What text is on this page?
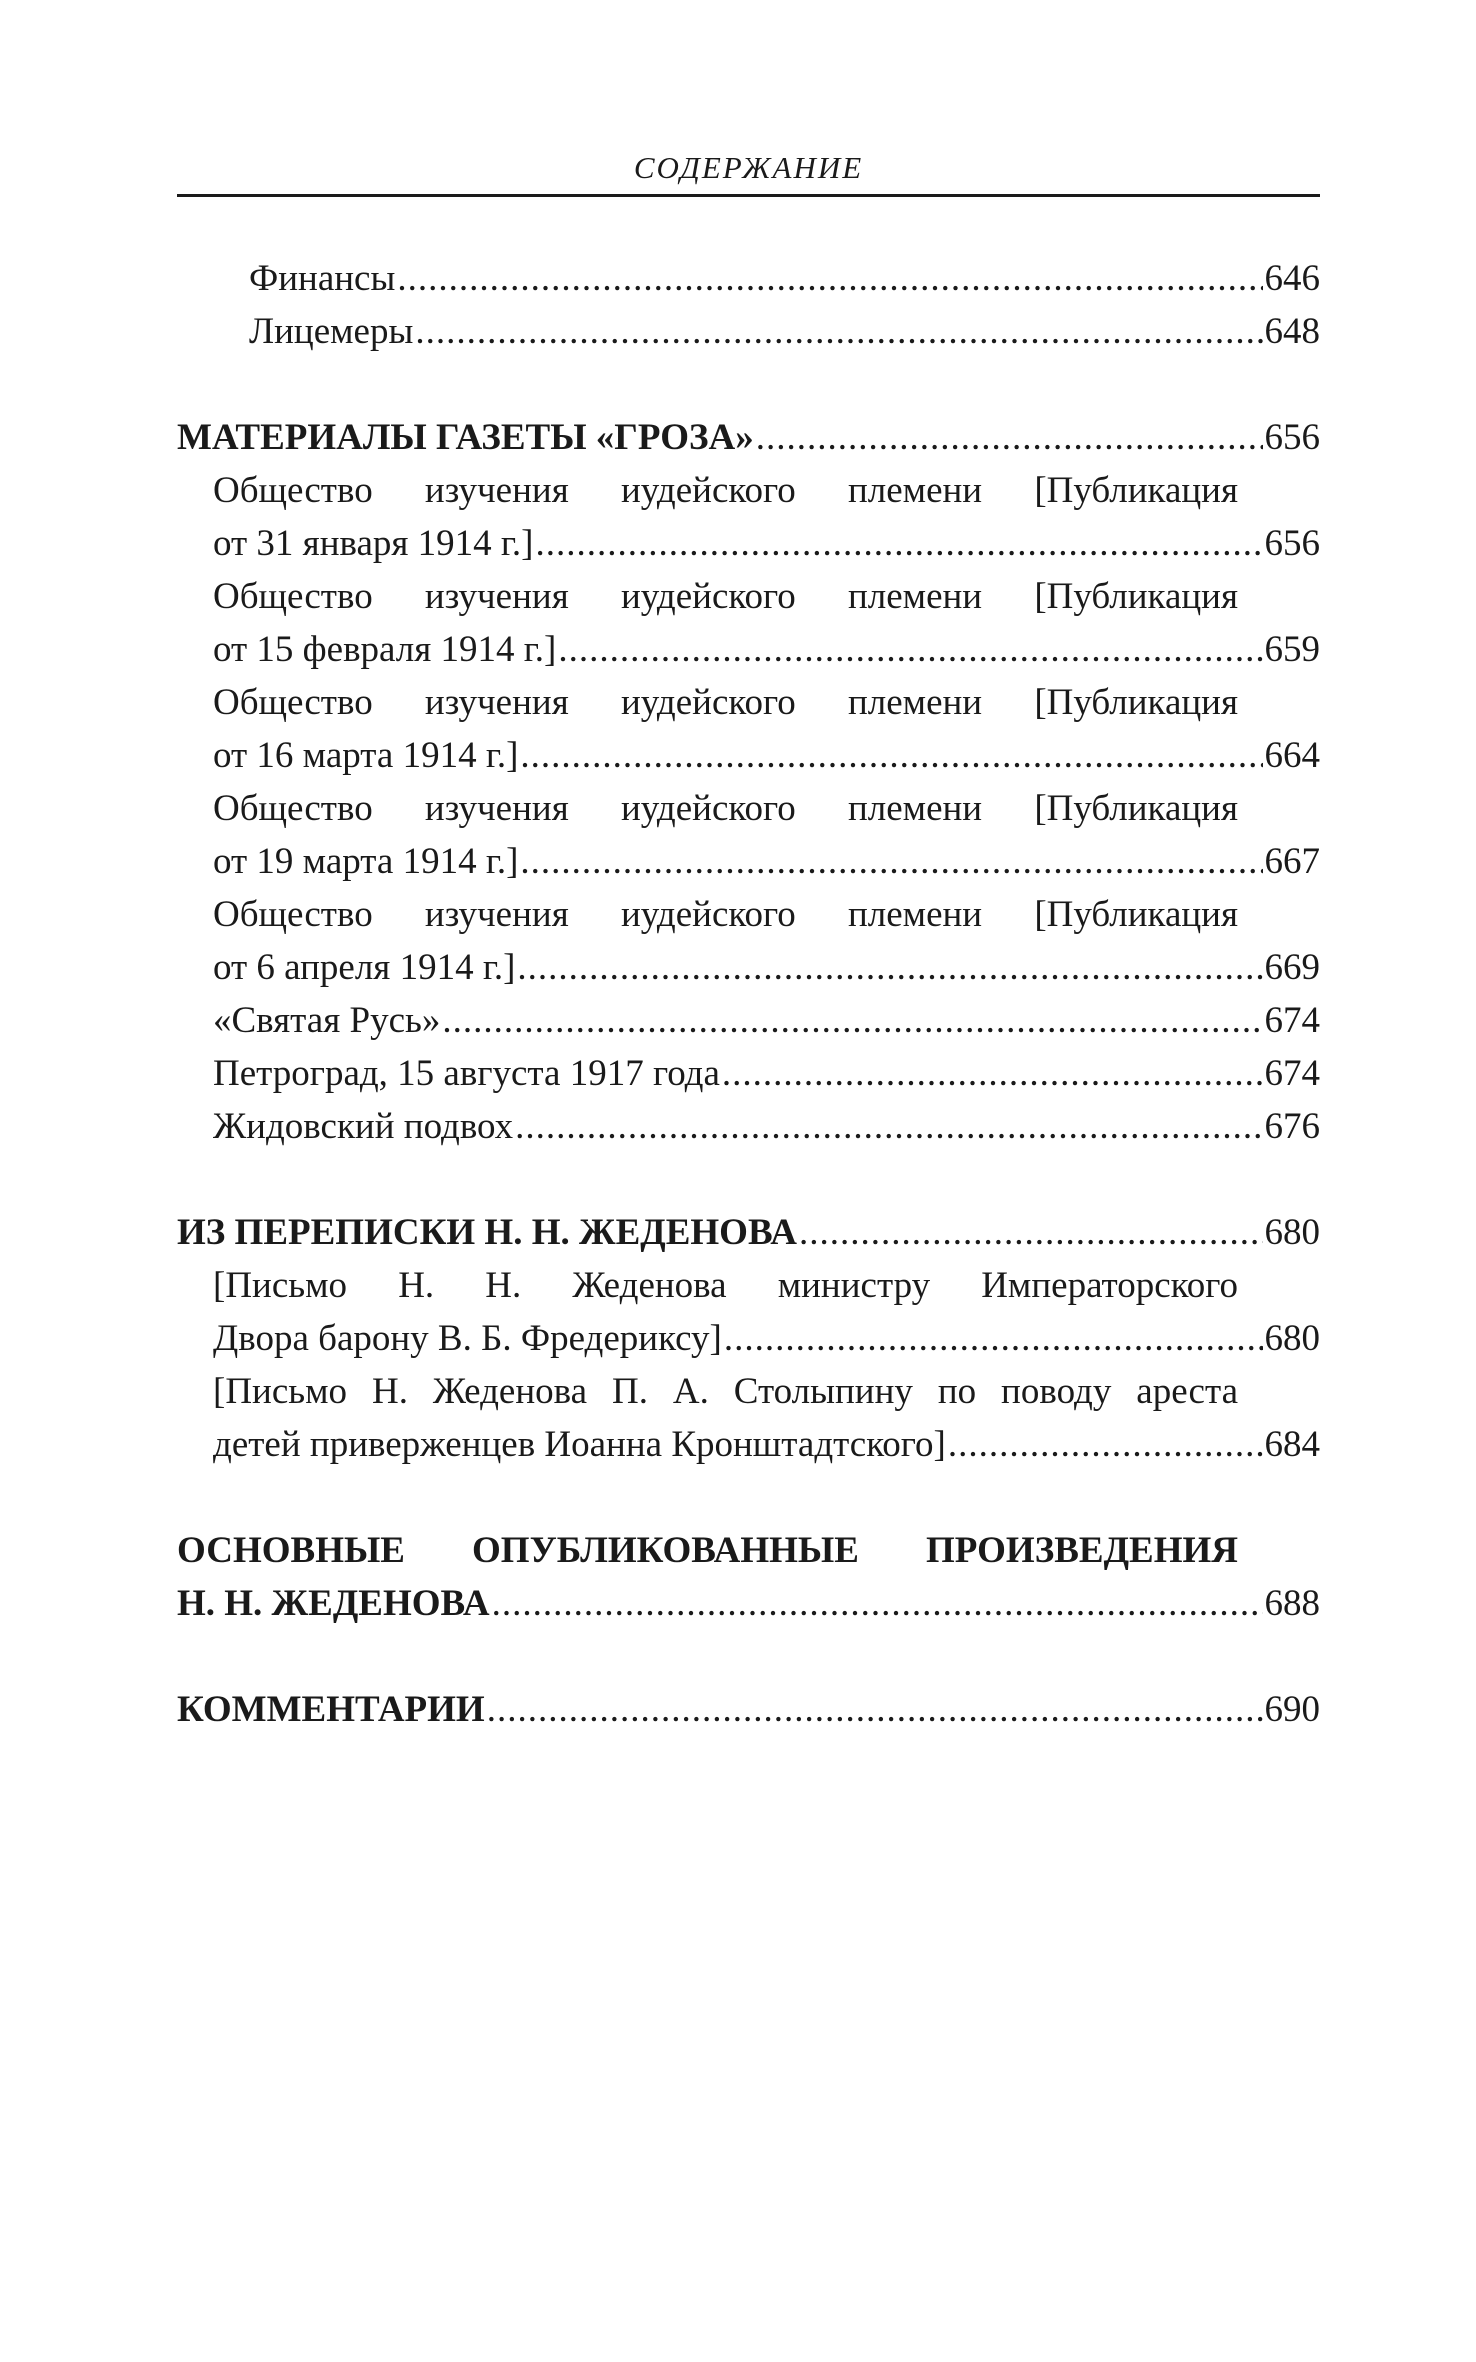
СОДЕРЖАНИЕ
Финансы .....	646
Лицемеры .....	648
МАТЕРИАЛЫ ГАЗЕТЫ «ГРОЗА» .....	656
Общество изучения иудейского племени [Публикация
от 31 января 1914 г.] .....	656
Общество изучения иудейского племени [Публикация
от 15 февраля 1914 г.] .....	659
Общество изучения иудейского племени [Публикация
от 16 марта 1914 г.] .....	664
Общество изучения иудейского племени [Публикация
от 19 марта 1914 г.] .....	667
Общество изучения иудейского племени [Публикация
от 6 апреля 1914 г.] .....	669
«Святая Русь» .....	674
Петроград, 15 августа 1917 года .....	674
Жидовский подвох .....	676
ИЗ ПЕРЕПИСКИ Н. Н. ЖЕДЕНОВА .....	680
[Письмо Н. Н. Жеденова министру Императорского
Двора барону В. Б. Фредериксу] .....	680
[Письмо Н. Жеденова П. А. Столыпину по поводу ареста
детей приверженцев Иоанна Кронштадтского] .....	684
ОСНОВНЫЕ ОПУБЛИКОВАННЫЕ ПРОИЗВЕДЕНИЯ
Н. Н. ЖЕДЕНОВА .....	688
КОММЕНТАРИИ .....	690
